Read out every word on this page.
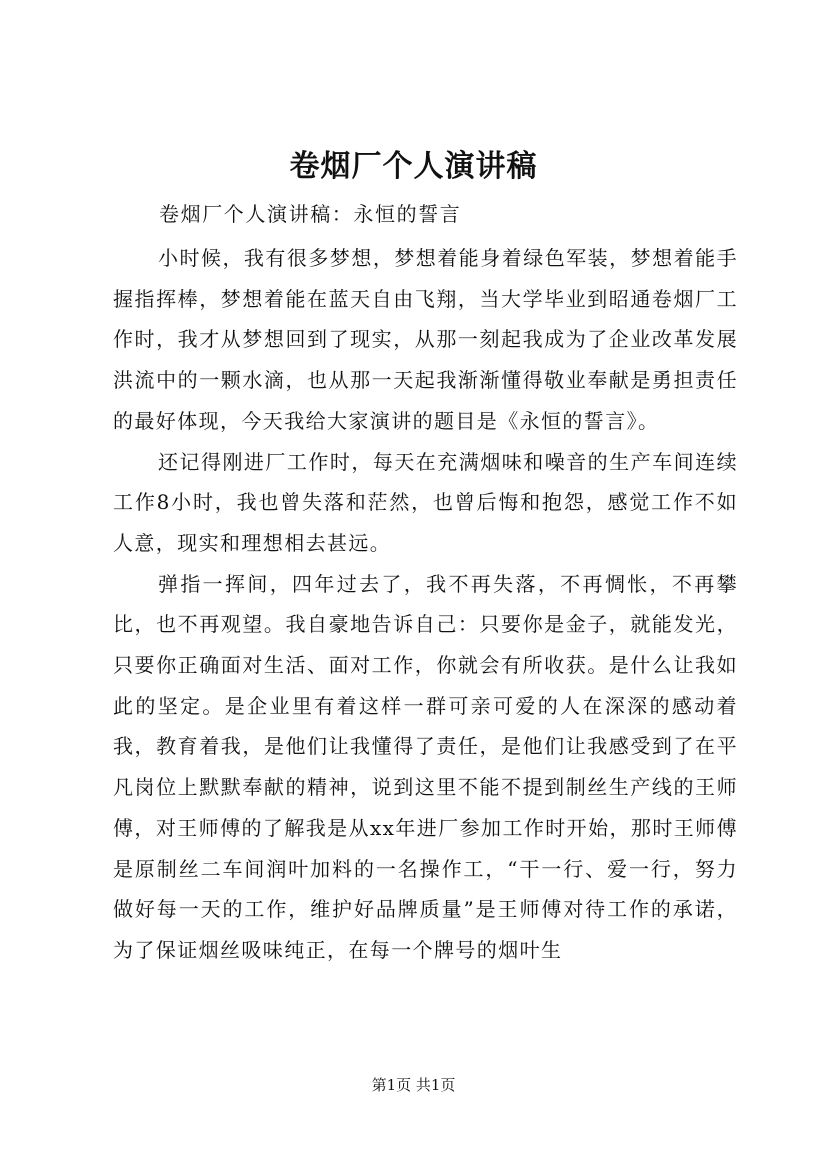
卷烟厂个人演讲稿

卷烟厂个人演讲稿：永恒的誓言

小时候，我有很多梦想，梦想着能身着绿色军装，梦想着能手握指挥棒，梦想着能在蓝天自由飞翔，当大学毕业到昭通卷烟厂工作时，我才从梦想回到了现实，从那一刻起我成为了企业改革发展洪流中的一颗水滴，也从那一天起我渐渐懂得敬业奉献是勇担责任的最好体现，今天我给大家演讲的题目是《永恒的誓言》。

还记得刚进厂工作时，每天在充满烟味和噪音的生产车间连续工作8小时，我也曾失落和茫然，也曾后悔和抱怨，感觉工作不如人意，现实和理想相去甚远。

弹指一挥间，四年过去了，我不再失落，不再惆怅，不再攀比，也不再观望。我自豪地告诉自己：只要你是金子，就能发光，只要你正确面对生活、面对工作，你就会有所收获。是什么让我如此的坚定。是企业里有着这样一群可亲可爱的人在深深的感动着我，教育着我，是他们让我懂得了责任，是他们让我感受到了在平凡岗位上默默奉献的精神，说到这里不能不提到制丝生产线的王师傅，对王师傅的了解我是从xx年进厂参加工作时开始，那时王师傅是原制丝二车间润叶加料的一名操作工，“干一行、爱一行，努力做好每一天的工作，维护好品牌质量”是王师傅对待工作的承诺，为了保证烟丝吸味纯正，在每一个牌号的烟叶生

第1页 共1页
